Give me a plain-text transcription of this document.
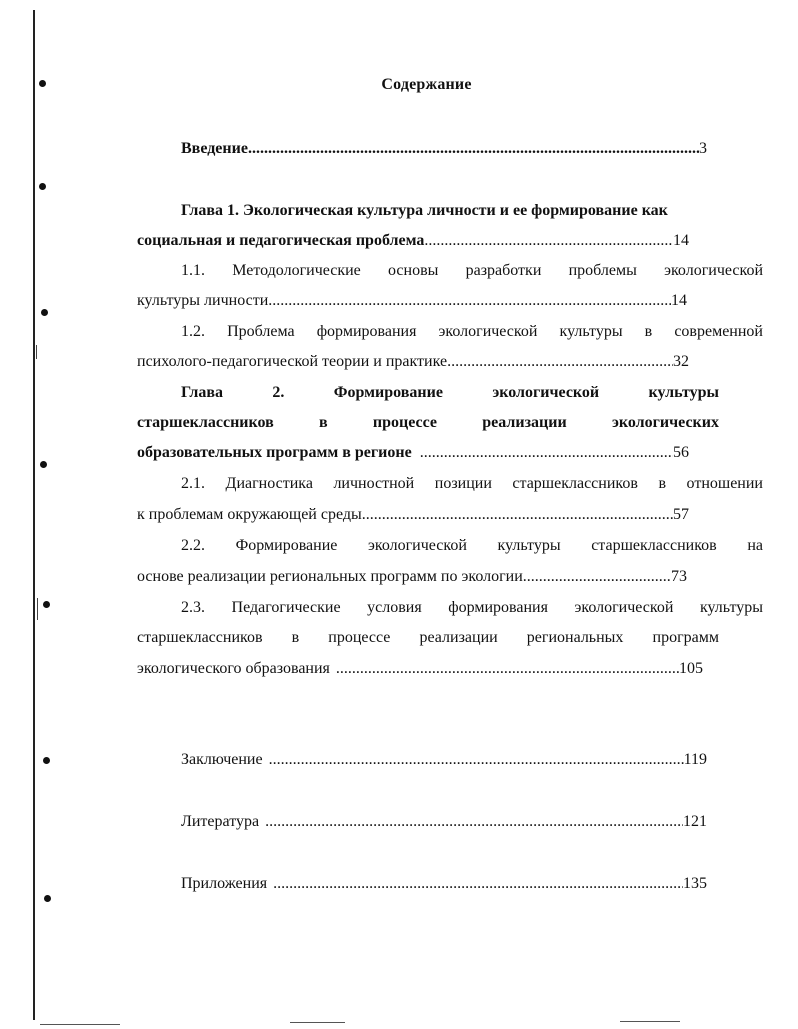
Содержание
Введение .....	3
Глава 1. Экологическая культура личности и ее формирование как
социальная и педагогическая проблема .....	14
1.1. Методологические основы разработки проблемы экологической
культуры личности .....	14
1.2. Проблема формирования экологической культуры в современной
психолого-педагогической теории и практике .....	32
Глава	2.	Формирование	экологической	культуры
старшеклассников	в	процессе	реализации	экологических
образовательных программ в регионе .....	56
2.1. Диагностика личностной позиции старшеклассников в отношении
к проблемам окружающей среды .....	57
2.2. Формирование экологической культуры старшеклассников на
основе реализации региональных программ по экологии .....	73
2.3. Педагогические условия формирования экологической культуры
старшеклассников в процессе реализации региональных программ
экологического образования .....	105
Заключение .....	119
Литература .....	121
Приложения .....	135
